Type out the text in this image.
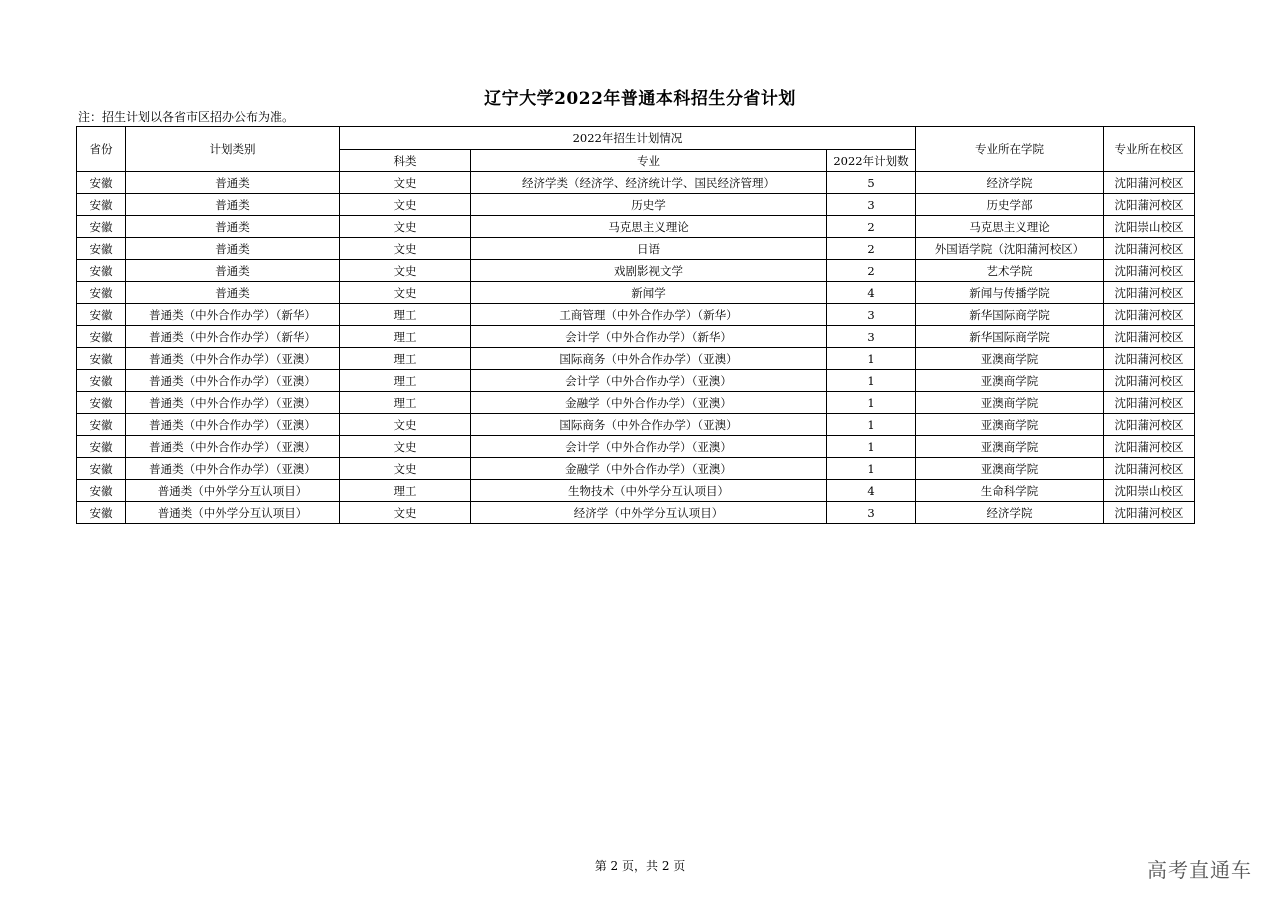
辽宁大学2022年普通本科招生分省计划
注：招生计划以各省市区招办公布为准。
省份	计划类别	2022年招生计划情况			专业所在学院	专业所在校区
		科类	专业	2022年计划数		
安徽	普通类	文史	经济学类（经济学、经济统计学、国民经济管理）	5	经济学院	沈阳蒲河校区
安徽	普通类	文史	历史学	3	历史学部	沈阳蒲河校区
安徽	普通类	文史	马克思主义理论	2	马克思主义理论	沈阳崇山校区
安徽	普通类	文史	日语	2	外国语学院（沈阳蒲河校区）	沈阳蒲河校区
安徽	普通类	文史	戏剧影视文学	2	艺术学院	沈阳蒲河校区
安徽	普通类	文史	新闻学	4	新闻与传播学院	沈阳蒲河校区
安徽	普通类（中外合作办学）（新华）	理工	工商管理（中外合作办学）（新华）	3	新华国际商学院	沈阳蒲河校区
安徽	普通类（中外合作办学）（新华）	理工	会计学（中外合作办学）（新华）	3	新华国际商学院	沈阳蒲河校区
安徽	普通类（中外合作办学）（亚澳）	理工	国际商务（中外合作办学）（亚澳）	1	亚澳商学院	沈阳蒲河校区
安徽	普通类（中外合作办学）（亚澳）	理工	会计学（中外合作办学）（亚澳）	1	亚澳商学院	沈阳蒲河校区
安徽	普通类（中外合作办学）（亚澳）	理工	金融学（中外合作办学）（亚澳）	1	亚澳商学院	沈阳蒲河校区
安徽	普通类（中外合作办学）（亚澳）	文史	国际商务（中外合作办学）（亚澳）	1	亚澳商学院	沈阳蒲河校区
安徽	普通类（中外合作办学）（亚澳）	文史	会计学（中外合作办学）（亚澳）	1	亚澳商学院	沈阳蒲河校区
安徽	普通类（中外合作办学）（亚澳）	文史	金融学（中外合作办学）（亚澳）	1	亚澳商学院	沈阳蒲河校区
安徽	普通类（中外学分互认项目）	理工	生物技术（中外学分互认项目）	4	生命科学院	沈阳崇山校区
安徽	普通类（中外学分互认项目）	文史	经济学（中外学分互认项目）	3	经济学院	沈阳蒲河校区
第 2 页，共 2 页	高考直通车
